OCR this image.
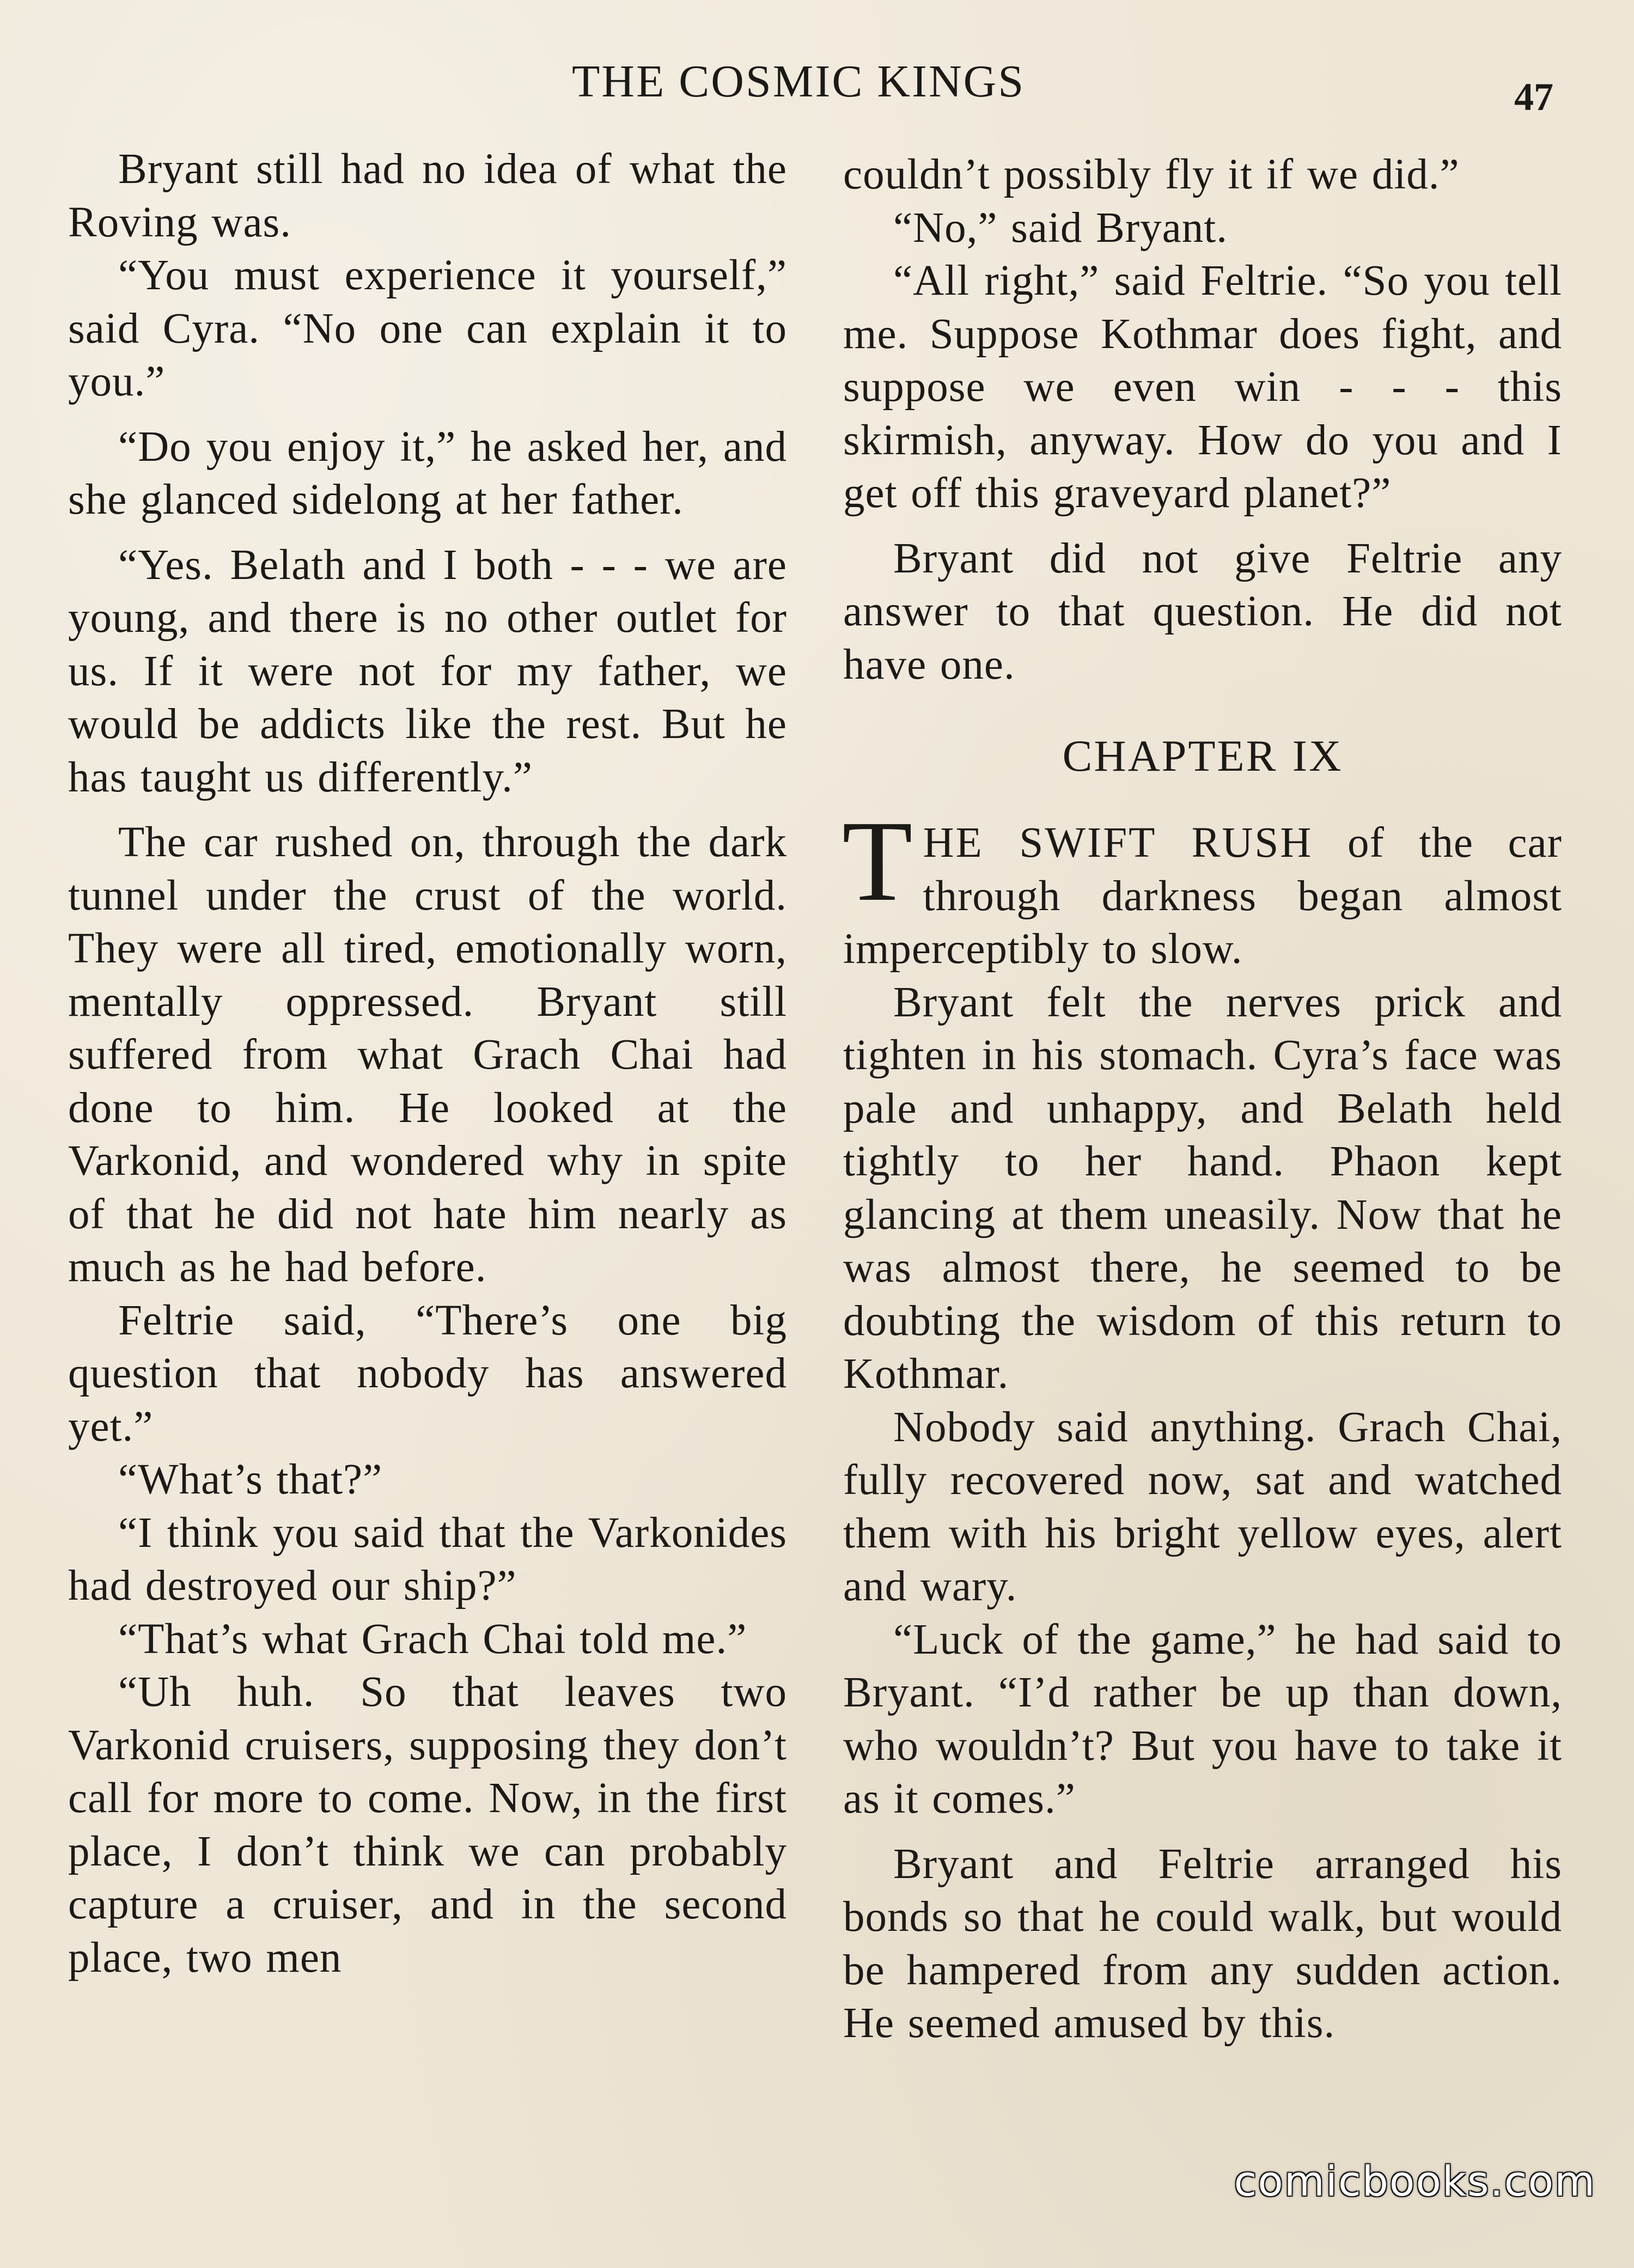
THE COSMIC KINGS	47

Bryant still had no idea of what the Roving was.

“You must experience it yourself,” said Cyra. “No one can explain it to you.”

“Do you enjoy it,” he asked her, and she glanced sidelong at her father.

“Yes. Belath and I both - - - we are young, and there is no other outlet for us. If it were not for my father, we would be addicts like the rest. But he has taught us differently.”

The car rushed on, through the dark tunnel under the crust of the world. They were all tired, emotionally worn, mentally oppressed. Bryant still suffered from what Grach Chai had done to him. He looked at the Varkonid, and wondered why in spite of that he did not hate him nearly as much as he had before.

Feltrie said, “There’s one big question that nobody has answered yet.”

“What’s that?”

“I think you said that the Varkonides had destroyed our ship?”

“That’s what Grach Chai told me.”

“Uh huh. So that leaves two Varkonid cruisers, supposing they don’t call for more to come. Now, in the first place, I don’t think we can probably capture a cruiser, and in the second place, two men

couldn’t possibly fly it if we did.”

“No,” said Bryant.

“All right,” said Feltrie. “So you tell me. Suppose Kothmar does fight, and suppose we even win - - - this skirmish, anyway. How do you and I get off this graveyard planet?”

Bryant did not give Feltrie any answer to that question. He did not have one.

CHAPTER IX

THE SWIFT RUSH of the car through darkness began almost imperceptibly to slow.

Bryant felt the nerves prick and tighten in his stomach. Cyra’s face was pale and unhappy, and Belath held tightly to her hand. Phaon kept glancing at them uneasily. Now that he was almost there, he seemed to be doubting the wisdom of this return to Kothmar.

Nobody said anything. Grach Chai, fully recovered now, sat and watched them with his bright yellow eyes, alert and wary.

“Luck of the game,” he had said to Bryant. “I’d rather be up than down, who wouldn’t? But you have to take it as it comes.”

Bryant and Feltrie arranged his bonds so that he could walk, but would be hampered from any sudden action. He seemed amused by this.

comicbooks.com
